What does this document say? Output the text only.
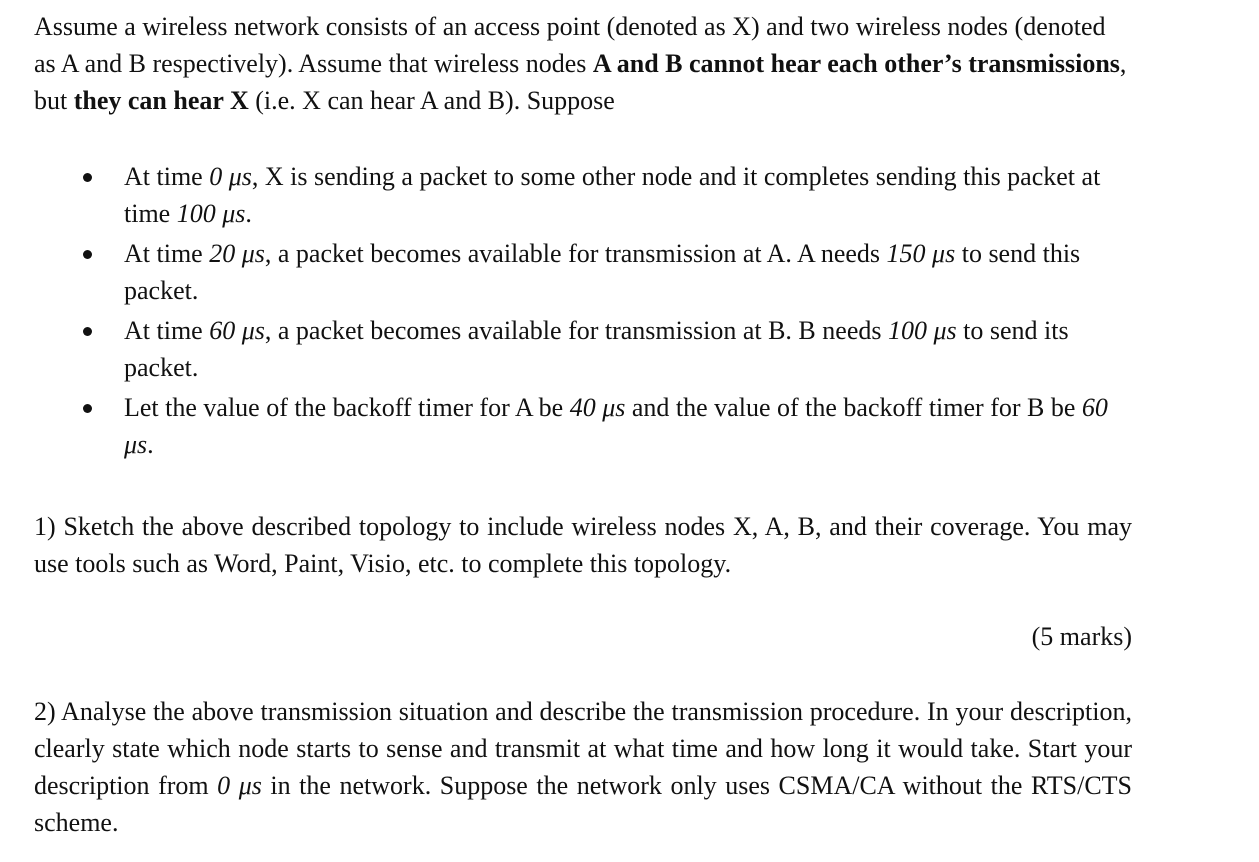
Assume a wireless network consists of an access point (denoted as X) and two wireless nodes (denoted as A and B respectively). Assume that wireless nodes A and B cannot hear each other’s transmissions, but they can hear X (i.e. X can hear A and B). Suppose

At time 0 μs, X is sending a packet to some other node and it completes sending this packet at time 100 μs.
At time 20 μs, a packet becomes available for transmission at A. A needs 150 μs to send this packet.
At time 60 μs, a packet becomes available for transmission at B. B needs 100 μs to send its packet.
Let the value of the backoff timer for A be 40 μs and the value of the backoff timer for B be 60 μs.

1) Sketch the above described topology to include wireless nodes X, A, B, and their coverage. You may use tools such as Word, Paint, Visio, etc. to complete this topology.

(5 marks)

2) Analyse the above transmission situation and describe the transmission procedure. In your description, clearly state which node starts to sense and transmit at what time and how long it would take. Start your description from 0 μs in the network. Suppose the network only uses CSMA/CA without the RTS/CTS scheme.
